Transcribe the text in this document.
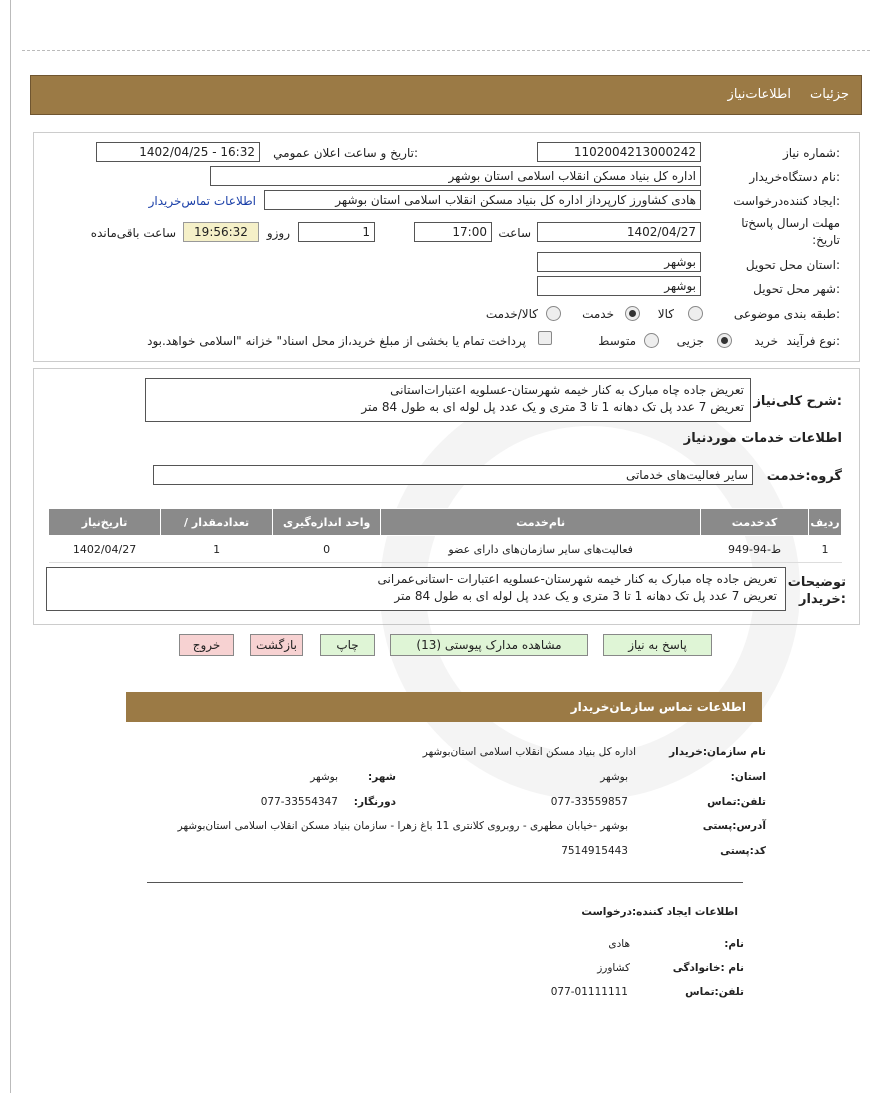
جزئیات
اطلاعات‌نیاز
شماره نیاز:
1102004213000242
تاریخ و ساعت اعلان عمومي:
1402/04/25 - 16:32
نام دستگاه‌خریدار:
اداره کل بنیاد مسکن انقلاب اسلامی استان بوشهر
ایجاد کننده‌درخواست:
هادی کشاورز کارپرداز اداره کل بنیاد مسکن انقلاب اسلامی استان بوشهر
اطلاعات تماس‌خریدار
مهلت ارسال پاسخ‌تا
:تاریخ
1402/04/27
ساعت
17:00
1
روزو
19:56:32
ساعت باقی‌مانده
استان محل تحویل:
بوشهر
شهر محل تحویل:
بوشهر
طبقه بندی موضوعی:
کالا
خدمت
کالا/خدمت
نوع فرآیند:
خرید
جزیی
متوسط
پرداخت تمام یا بخشی از مبلغ خرید،از محل اسناد" خزانه "اسلامی خواهد.بود
شرح کلی‌نیاز:
تعریض جاده چاه مبارک به کنار خیمه شهرستان-عسلویه اعتبارات‌استانی
تعریض 7 عدد پل تک دهانه 1 تا 3 متری و یک عدد پل لوله ای به طول 84 متر
اطلاعات خدمات موردنیاز
گروه:خدمت
سایر فعالیت‌های خدماتی
ردیف	کدخدمت	نام‌خدمت	واحد اندازه‌گیری	تعداد‌مقدار /	تاریخ‌نیاز
1	ط-94-949	فعالیت‌های سایر سازمان‌های دارای عضو	0	1	1402/04/27
توضیحات
خریدار:
تعریض جاده چاه مبارک به کنار خیمه شهرستان-عسلویه اعتبارات -استانی‌عمرانی
تعریض 7 عدد پل تک دهانه 1 تا 3 متری و یک عدد پل لوله ای به طول 84 متر
پاسخ به نیاز
مشاهده مدارک پیوستی (13)
چاپ
بازگشت
خروج
اطلاعات تماس سازمان‌خریدار
نام سازمان:خریدار
اداره کل بنیاد مسکن انقلاب اسلامی استان‌بوشهر
:استان
بوشهر
:شهر
بوشهر
تلفن:تماس
077-33559857
:دورنگار
077-33554347
آدرس:پستی
بوشهر -خیابان مطهری - روبروی کلانتری 11 باغ زهرا - سازمان بنیاد مسکن انقلاب اسلامی استان‌بوشهر
کد:پستی
7514915443
اطلاعات ایجاد کننده:درخواست
:نام
هادی
نام :خانوادگی
کشاورز
تلفن:تماس
077-01111111
